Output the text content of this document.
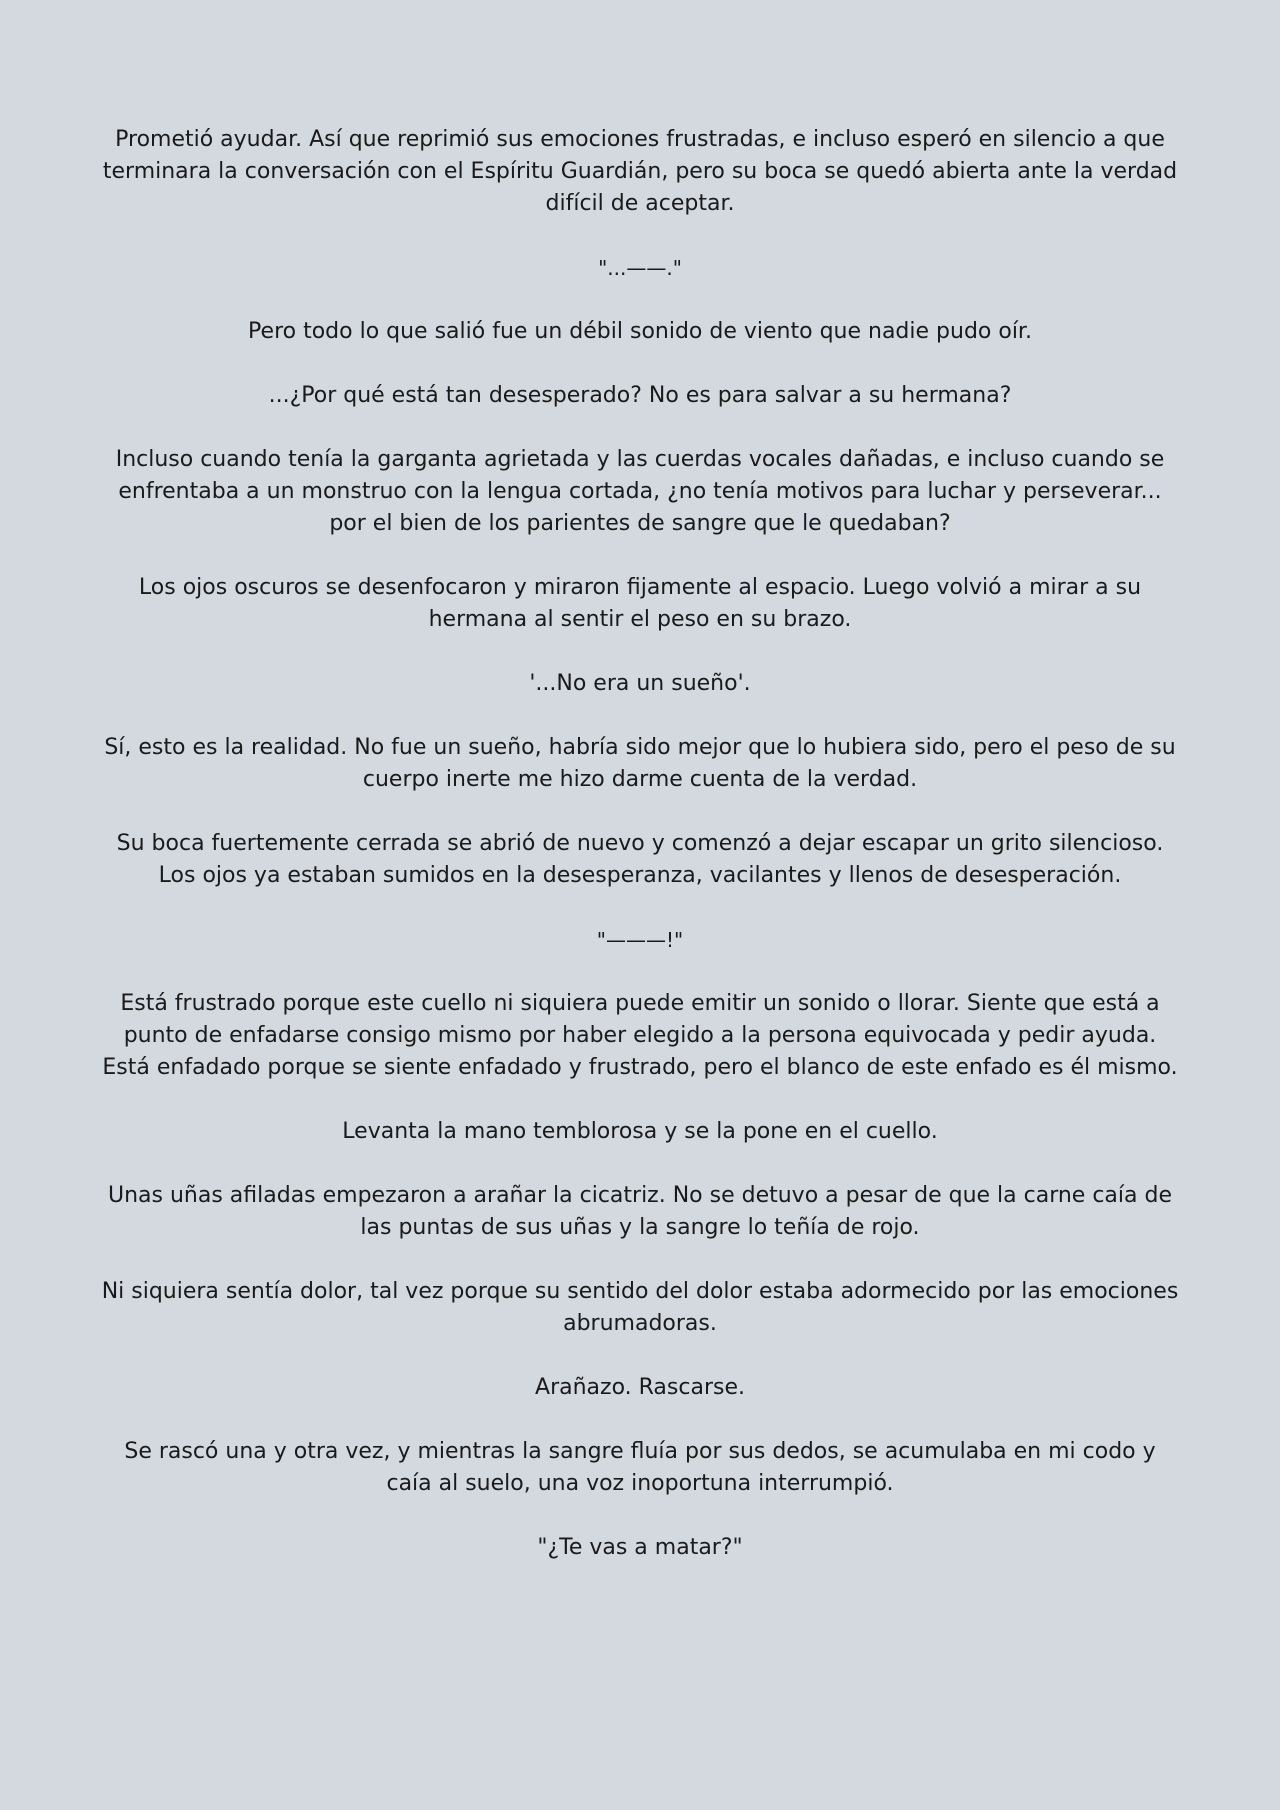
Prometió ayudar. Así que reprimió sus emociones frustradas, e incluso esperó en silencio a que terminara la conversación con el Espíritu Guardián, pero su boca se quedó abierta ante la verdad difícil de aceptar.

"...——."

Pero todo lo que salió fue un débil sonido de viento que nadie pudo oír.

...¿Por qué está tan desesperado? No es para salvar a su hermana?

Incluso cuando tenía la garganta agrietada y las cuerdas vocales dañadas, e incluso cuando se enfrentaba a un monstruo con la lengua cortada, ¿no tenía motivos para luchar y perseverar... por el bien de los parientes de sangre que le quedaban?

Los ojos oscuros se desenfocaron y miraron fijamente al espacio. Luego volvió a mirar a su hermana al sentir el peso en su brazo.

'...No era un sueño'.

Sí, esto es la realidad. No fue un sueño, habría sido mejor que lo hubiera sido, pero el peso de su cuerpo inerte me hizo darme cuenta de la verdad.

Su boca fuertemente cerrada se abrió de nuevo y comenzó a dejar escapar un grito silencioso. Los ojos ya estaban sumidos en la desesperanza, vacilantes y llenos de desesperación.

"———!"

Está frustrado porque este cuello ni siquiera puede emitir un sonido o llorar. Siente que está a punto de enfadarse consigo mismo por haber elegido a la persona equivocada y pedir ayuda. Está enfadado porque se siente enfadado y frustrado, pero el blanco de este enfado es él mismo.

Levanta la mano temblorosa y se la pone en el cuello.

Unas uñas afiladas empezaron a arañar la cicatriz. No se detuvo a pesar de que la carne caía de las puntas de sus uñas y la sangre lo teñía de rojo.

Ni siquiera sentía dolor, tal vez porque su sentido del dolor estaba adormecido por las emociones abrumadoras.

Arañazo. Rascarse.

Se rascó una y otra vez, y mientras la sangre fluía por sus dedos, se acumulaba en mi codo y caía al suelo, una voz inoportuna interrumpió.

"¿Te vas a matar?"
